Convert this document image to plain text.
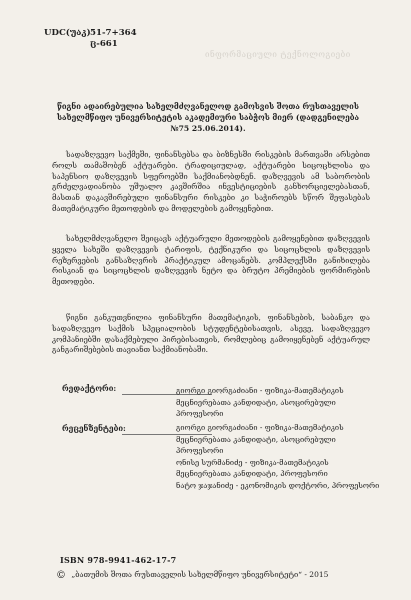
ინფორმაციული ტექნოლოგიები
UDC(უაკ) 51-7+364
ც-661
წიგნი ადაირებულია სახელმძღვანელოდ გამოსვის შოთა რუსთაველის სახელმწიფო უნივერსიტეტის აკადემიური საბჭოს მიერ (დადგენილება №75 25.06.2014).
სადაზღვევო საქმეში, ფინანსებსა და ბიზნესში რისკების მართვაში არსებით როლს თამაშობენ აქტუარები. ტრადიციულად, აქტუარები სიცოცხლისა და საპენსიო დაზღვევის სფეროებში საქმიანობდნენ. დაზღვევის ამ საბორობის გრძელვადიანობა უშუალო კავშირშია ინვესტიციების განხორციელებასთან, მასთან დაკავშირებული ფინანსური რისკები კი საჭიროებს სწორ შეფასებას მათემატიკური მეთოდების და მოდელების გამოყენებით.
სახელმძღვანელო შეიცავს აქტუარული მეთოდების გამოყენებით დაზღვევის ყველა სახეში დაზღვევის ტარიფის, ტექნიკური და სიცოცხლის დაზღვევის რეზერვების განსაზღვრის პრაქტიკულ ამოცანებს. კომპლექსში განიხილება რისკიან და სიცოცხლის დაზღვევის ნეტო და ბრუტო პრემიების ფორმირების მეთოდები.
წიგნი განკუთვნილია ფინანსური მათემატიკის, ფინანსების, საბანკო და სადაზღვევო საქმის სპეციალობის სტუდენტებისათვის, ასევე, სადაზღვევო კომპანიებში დასაქმებული პირებისათვის, რომლებიც გამოიყენებენ აქტუარულ განგარიშებების თავიანთ საქმიანობაში.
რედაქტორი:	გიორგი გიორგაძიანი - ფიზიკა-მათემატიკის
მეცნიერებათა კანდიდატი, ასოცირებული
პროფესორი
რეცენზენტები:	გიორგი გიორგაძიანი - ფიზიკა-მათემატიკის
მეცნიერებათა კანდიდატი, ასოცირებული
პროფესორი
ონისე სურმანიძე - ფიზიკა-მათემატიკის
მეცნიერებათა კანდიდატი, პროფესორი
ნატო ჯაჯანიძე - ეკონომიკის დოქტორი, პროფესორი
ISBN 978-9941-462-17-7
© „ბათუმის შოთა რუსთაველის სახელმწიფო უნივერსიტეტი“ - 2015
